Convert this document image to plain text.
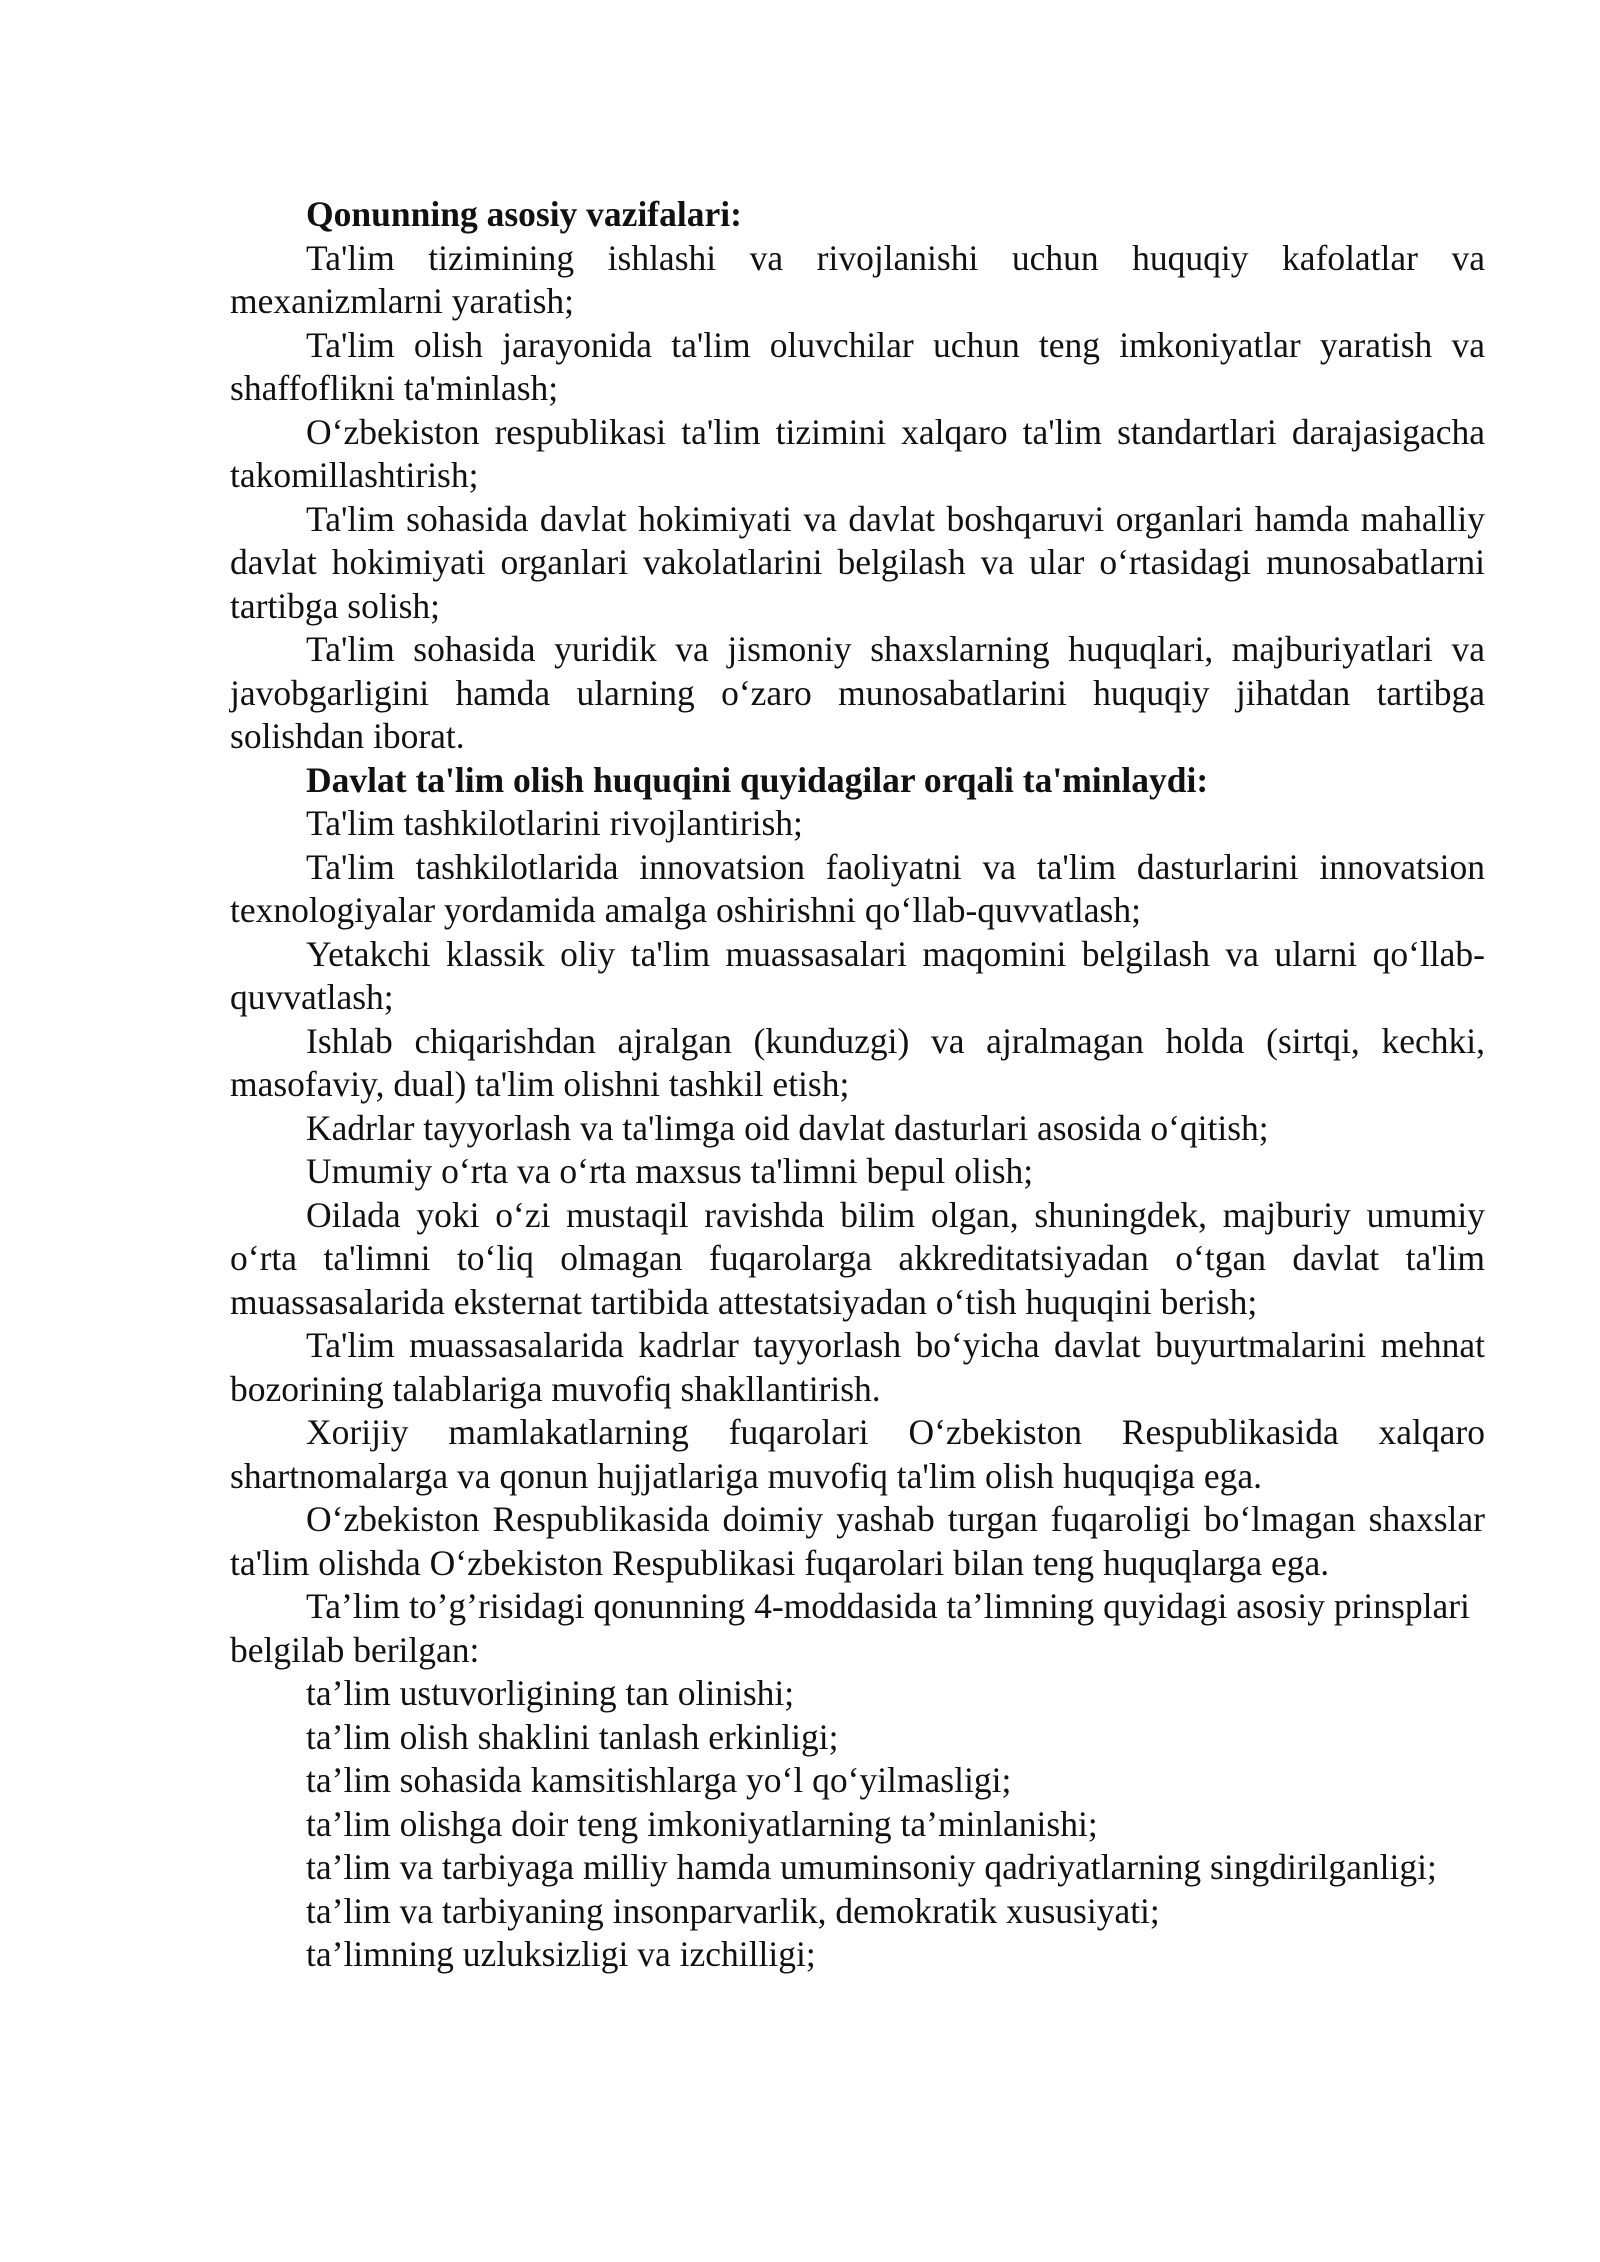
Qonunning asosiy vazifalari:

Ta'lim tizimining ishlashi va rivojlanishi uchun huquqiy kafolatlar va mexanizmlarni yaratish;

Ta'lim olish jarayonida ta'lim oluvchilar uchun teng imkoniyatlar yaratish va shaffoflikni ta'minlash;

O‘zbekiston respublikasi ta'lim tizimini xalqaro ta'lim standartlari darajasigacha takomillashtirish;

Ta'lim sohasida davlat hokimiyati va davlat boshqaruvi organlari hamda mahalliy davlat hokimiyati organlari vakolatlarini belgilash va ular o‘rtasidagi munosabatlarni tartibga solish;

Ta'lim sohasida yuridik va jismoniy shaxslarning huquqlari, majburiyatlari va javobgarligini hamda ularning o‘zaro munosabatlarini huquqiy jihatdan tartibga solishdan iborat.

Davlat ta'lim olish huquqini quyidagilar orqali ta'minlaydi:

Ta'lim tashkilotlarini rivojlantirish;

Ta'lim tashkilotlarida innovatsion faoliyatni va ta'lim dasturlarini innovatsion texnologiyalar yordamida amalga oshirishni qo‘llab-quvvatlash;

Yetakchi klassik oliy ta'lim muassasalari maqomini belgilash va ularni qo‘llab-quvvatlash;

Ishlab chiqarishdan ajralgan (kunduzgi) va ajralmagan holda (sirtqi, kechki, masofaviy, dual) ta'lim olishni tashkil etish;

Kadrlar tayyorlash va ta'limga oid davlat dasturlari asosida o‘qitish;

Umumiy o‘rta va o‘rta maxsus ta'limni bepul olish;

Oilada yoki o‘zi mustaqil ravishda bilim olgan, shuningdek, majburiy umumiy o‘rta ta'limni to‘liq olmagan fuqarolarga akkreditatsiyadan o‘tgan davlat ta'lim muassasalarida eksternat tartibida attestatsiyadan o‘tish huquqini berish;

Ta'lim muassasalarida kadrlar tayyorlash bo‘yicha davlat buyurtmalarini mehnat bozorining talablariga muvofiq shakllantirish.

Xorijiy mamlakatlarning fuqarolari O‘zbekiston Respublikasida xalqaro shartnomalarga va qonun hujjatlariga muvofiq ta'lim olish huquqiga ega.

O‘zbekiston Respublikasida doimiy yashab turgan fuqaroligi bo‘lmagan shaxslar ta'lim olishda O‘zbekiston Respublikasi fuqarolari bilan teng huquqlarga ega.

Ta’lim to’g’risidagi qonunning 4-moddasida ta’limning quyidagi asosiy prinsplari belgilab berilgan:

ta’lim ustuvorligining tan olinishi;

ta’lim olish shaklini tanlash erkinligi;

ta’lim sohasida kamsitishlarga yo‘l qo‘yilmasligi;

ta’lim olishga doir teng imkoniyatlarning ta’minlanishi;

ta’lim va tarbiyaga milliy hamda umuminsoniy qadriyatlarning singdirilganligi;

ta’lim va tarbiyaning insonparvarlik, demokratik xususiyati;

ta’limning uzluksizligi va izchilligi;
